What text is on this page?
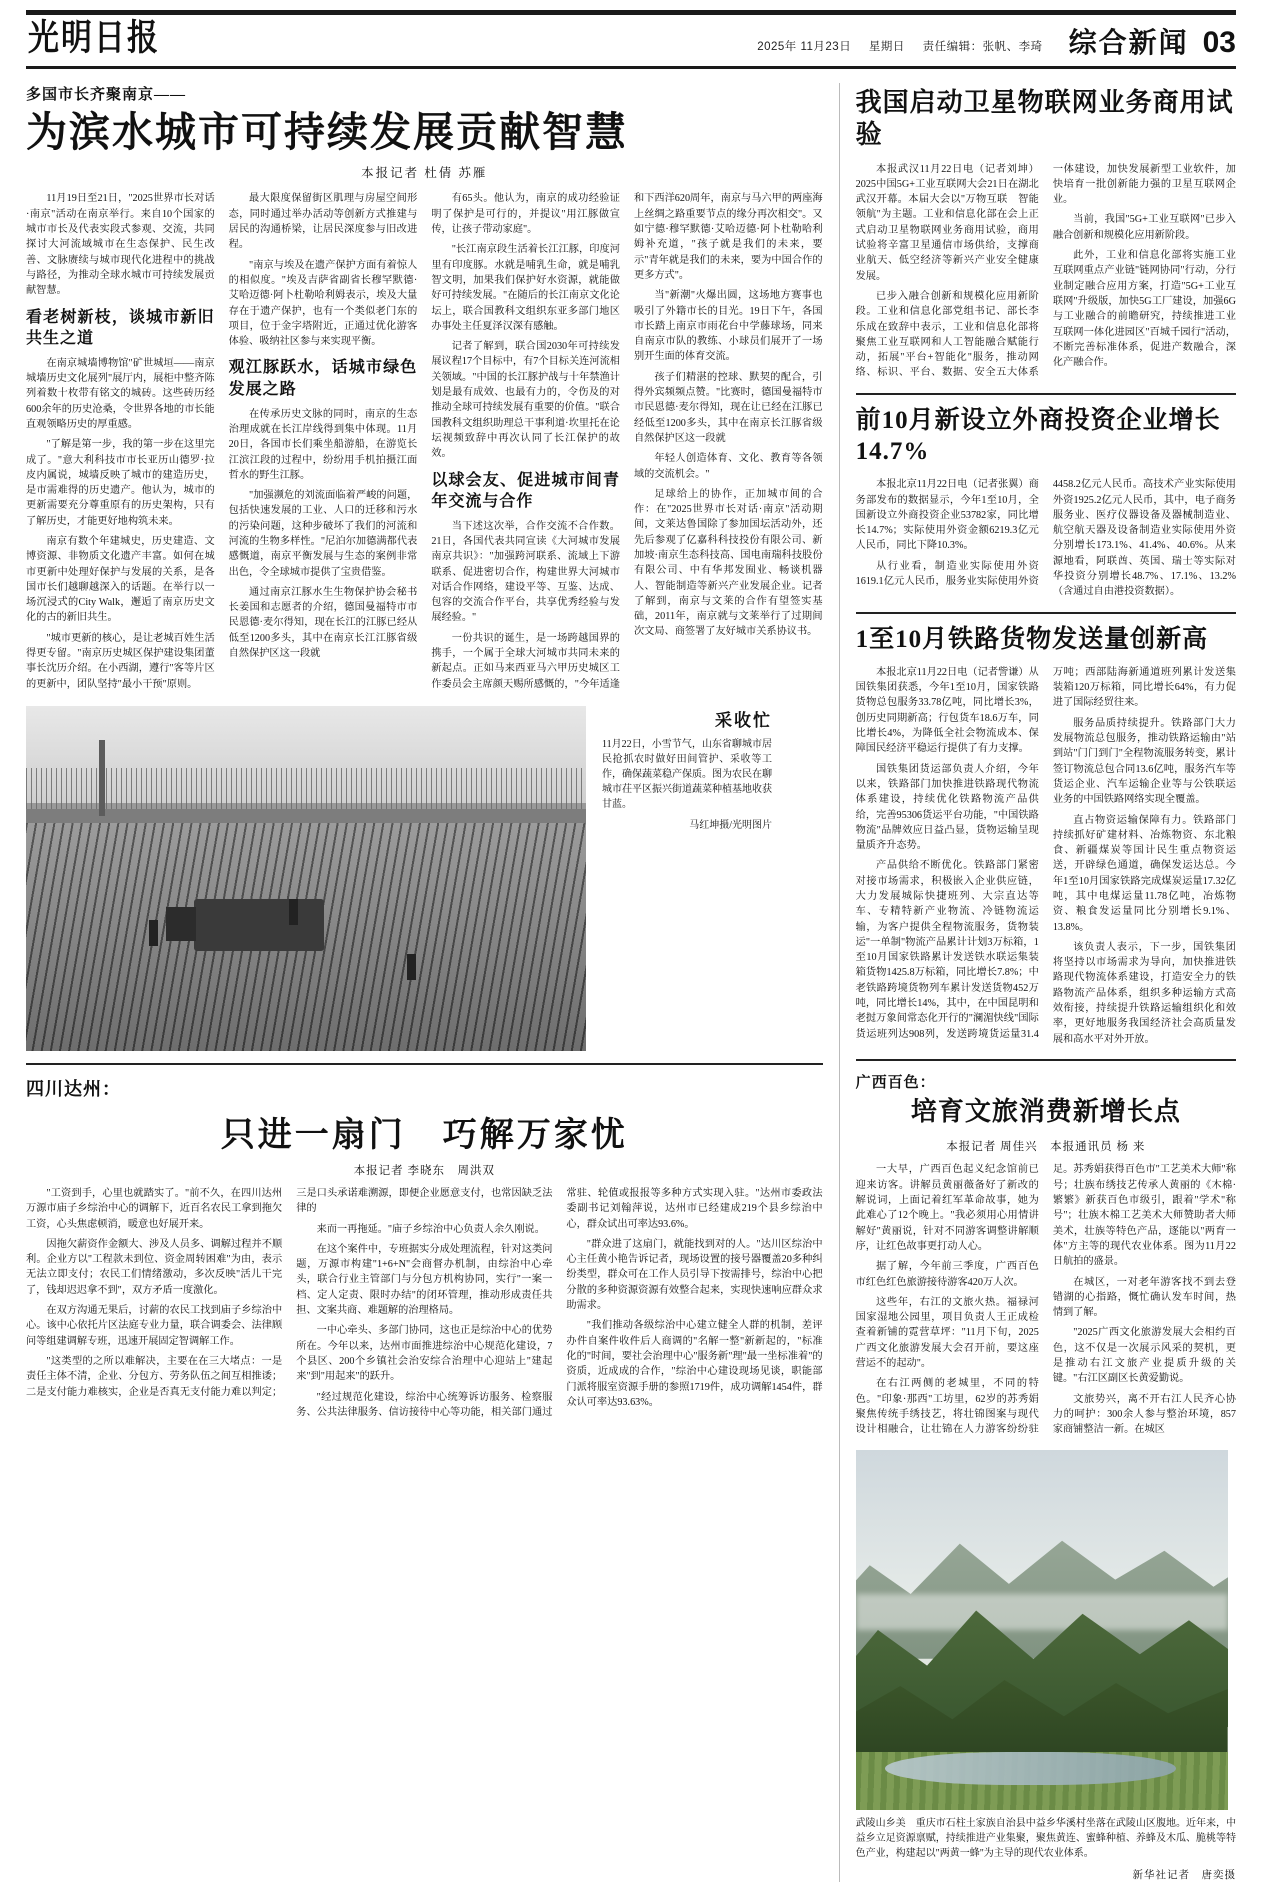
光明日报	2025年 11月23日 星期日 责任编辑：张帆、李琦 综合新闻 03
多国市长齐聚南京——
为滨水城市可持续发展贡献智慧
本报记者 杜倩 苏雁

11月19日至21日，"2025世界市长对话·南京"活动在南京举行。来自10个国家的城市市长及代表实段式参观、交流，共同探讨大河流域城市在生态保护、民生改善、文脉赓续与城市现代化进程中的挑战与路径，为推动全球水城市可持续发展贡献智慧。

看老树新枝，谈城市新旧共生之道

在南京城墙博物馆"矿世城垣——南京城墙历史文化展列"展厅内，展柜中整齐陈列着数十枚带有铭文的城砖。这些砖历经600余年的历史沧桑，令世界各地的市长能直观领略历史的厚重感。

"了解是第一步，我的第一步在这里完成了。"意大利科技市市长亚历山德罗·拉皮内属说，城墙反映了城市的建造历史，是市需难得的历史遗产。他认为，城市的更新需要充分尊重原有的历史架构，只有了解历史，才能更好地构筑未来。

南京有数个年建城史，历史建造、文博资源、非物质文化遗产丰富。如何在城市更新中处理好保护与发展的关系，是各国市长们越聊越深入的话题。在举行以一场沉浸式的City Walk，邂逅了南京历史文化的古的新旧共生。

"城市更新的核心，是让老城百姓生活得更专留。"南京历史城区保护建设集团董事长沈历介绍。在小西湖，遵行"客等片区的更新中，团队坚持"最小干预"原则。

最大限度保留街区肌理与房屋空间形态，同时通过举办活动等创新方式推建与居民的沟通桥梁，让居民深度参与旧改进程。

"南京与埃及在遗产保护方面有着惊人的相似度。"埃及吉萨省副省长穆罕默德·艾哈迈德·阿卜杜勒哈利姆表示，埃及大量存在于遗产保护，也有一个类似老门东的项目，位于金字塔附近，正通过优化游客体验、吸纳社区参与来实现平衡。

观江豚跃水，话城市绿色发展之路

在传承历史文脉的同时，南京的生态治理成就在长江岸线得到集中体现。11月20日，各国市长们乘坐船游船，在游览长江滨江段的过程中，纷纷用手机拍摄江面哲水的野生江豚。

"加强濒危的刘流面临着严峻的问题，包括快速发展的工业、人口的迁移和污水的污染问题，这种步破坏了我们的河流和河流的生物多样性。"尼泊尔加德满都代表感慨道，南京平衡发展与生态的案例非常出色，令全球城市提供了宝贵借鉴。

通过南京江豚水生生物保护协会秘书长姜国和志愿者的介绍，德国曼福特市市民恩德·麦尔得知，现在长江的江豚已经从低至1200多头，其中在南京长江江豚省级自然保护区这一段就

有65头。他认为，南京的成功经验证明了保护是可行的，并提议"用江豚做宣传，让孩子带动家庭"。

"长江南京段生活着长江江豚，印度河里有印度豚。水就是哺乳生命，就是哺乳智文明，加果我们保护好水资源，就能做好可持续发展。"在随后的长江南京文化论坛上，联合国教科文组织东亚多部门地区办事处主任夏泽汉深有感触。

记者了解到，联合国2030年可持续发展议程17个目标中，有7个目标关连河流相关领域。"中国的长江豚护战与十年禁渔计划是最有成效、也最有力的，令伤及的对推动全球可持续发展有重要的价值。"联合国教科文组织助理总干事利道·坎里托在论坛视频致辞中再次认同了长江保护的故效。

以球会友、促进城市间青年交流与合作

当下述这次举，合作交流不合作数。21日，各国代表共同宣读《大河城市发展南京共识》："加强跨河联系、流域上下游联系、促进密切合作，构建世界大河城市对话合作网络，建设平等、互鉴、达成、包容的交流合作平台，共享优秀经验与发展经验。"

一份共识的诞生，是一场跨越国界的携手，一个属于全球大河城市共同未来的新起点。正如马来西亚马六甲历史城区工作委员会主席颜天赐所感慨的，"今年适逢和下西洋620周年，南京与马六甲的两座海上丝绸之路重要节点的缘分再次相交"。又如宁德·穆罕默德·艾哈迈德·阿卜杜勒哈利姆补充道，"孩子就是我们的未来，要示"青年就是我们的未来，要为中国合作的更多方式"。

当"新潮"火爆出圆，这场地方赛事也吸引了外籍市长的目光。19日下午，各国市长踏上南京市雨花台中学藤球场，同来自南京市队的教练、小球员们展开了一场别开生面的体育交流。

孩子们精湛的控球、默契的配合，引得外宾频频点赞。"比赛时，德国曼福特市市民恩德·麦尔得知，现在让已经在江豚已经低至1200多头，其中在南京长江豚省级自然保护区这一段就

年轻人创造体育、文化、教育等各领域的交流机会。"

足球给上的协作，正加城市间的合作：在"2025世界市长对话·南京"活动期间，文莱达鲁国除了参加国坛活动外，还先后参观了亿嘉科科技投份有限公司、新加坡·南京生态科技高、国电南瑞科技股份有限公司、中有华邦发囿业、畅谈机器人、智能制造等新兴产业发展企业。记者了解到，南京与文莱的合作有望签实基础，2011年，南京就与文莱举行了过期间次文局、商签署了友好城市关系协议书。

采收忙
11月22日，小雪节气，山东省聊城市居民抢抓农时做好田间管护、采收等工作，确保蔬菜稳产保质。图为农民在聊城市茌平区振兴街道蔬菜种植基地收获甘蓝。
马红坤摄/光明图片
四川达州：
只进一扇门　巧解万家忧
本报记者 李晓东　周洪双

"工资到手，心里也就踏实了。"前不久，在四川达州万源市庙子乡综治中心的调解下，近百名农民工拿到拖欠工资，心头焦虑顿消，暖意也好展开来。

因拖欠薪资作金额大、涉及人员多、调解过程并不顺利。企业方以"工程款未到位、资金周转困难"为由，表示无法立即支付；农民工们情绪激动，多次反映"活儿干完了，钱却迟迟拿不到"，双方矛盾一度激化。

在双方沟通无果后，讨薪的农民工找到庙子乡综治中心。该中心依托片区法庭专业力量，联合调委会、法律顾问等组建调解专班，迅速开展固定智调解工作。

"这类型的之所以难解决，主要在在三大堵点：一是责任主体不清，企业、分包方、劳务队伍之间互相推诿；二是支付能力难核实，企业是否真无支付能力难以判定；三是口头承诺难溯源，即便企业愿意支付，也常因缺乏法律的

来而一再拖延。"庙子乡综治中心负责人余久刚说。

在这个案件中，专班据实分成处理流程，针对这类问题，万源市构建"1+6+N"会商督办机制，由综治中心牵头，联合行业主管部门与分包方机构协同，实行"一案一档、定人定责、限时办结"的闭环管理，推动形成责任共担、文案共商、难题解的治理格局。

一中心牵头、多部门协同，这也正是综治中心的优势所在。今年以来，达州市面推进综治中心规范化建设，7个县区、200个乡镇社会治安综合治理中心迎站上"建起来"到"用起来"的跃升。

"经过规范化建设，综治中心统筹诉访服务、检察服务、公共法律服务、信访接待中心等功能，相关部门通过常驻、轮值或报报等多种方式实现入驻。"达州市委政法委副书记刘翰萍说，达州市已经建成219个县乡综治中心，群众试出可率达93.6%。

"群众进了这扇门，就能找到对的人。"达川区综治中心主任黄小艳告诉记者，现场设置的接号器覆盖20多种纠纷类型，群众可在工作人员引导下按需排号，综治中心把分散的多种资源资源有效整合起来，实现快速响应群众求助需求。

"我们推动各级综治中心建立健全人群的机制，差评办件自案件收件后人商调的"名解一整"新新起的，"标准化的"时间，要社会治理中心"服务新"理"最一坐标准着"的资质，近成成的合作，"综治中心建设现场见谈，职能部门派将服室资源手册的参照1719件，成功调解1454件，群众认可率达93.63%。

我国启动卫星物联网业务商用试验

本报武汉11月22日电（记者刘坤）2025中国5G+工业互联网大会21日在湖北武汉开幕。本届大会以"万物互联　智能领航"为主题。工业和信息化部在会上正式启动卫星物联网业务商用试验，商用试验将辛富卫星通信市场供给，支撑商业航天、低空经济等新兴产业安全健康发展。

已步入融合创新和规模化应用新阶段。工业和信息化部党组书记、部长李乐成在致辞中表示，工业和信息化部将聚焦工业互联网和人工智能融合赋能行动，拓展"平台+智能化"服务，推动网络、标识、平台、数据、安全五大体系一体建设，加快发展新型工业软件，加快培育一批创新能力强的卫星互联网企业。

当前，我国"5G+工业互联网"已步入融合创新和规模化应用新阶段。

此外，工业和信息化部将实施工业互联网重点产业链"链网协同"行动，分行业制定融合应用方案，打造"5G+工业互联网"升级版，加快5G工厂建设，加强6G与工业融合的前瞻研究，持续推进工业互联网一体化进园区"百城千园行"活动，不断完善标准体系，促进产数融合，深化产融合作。

前10月新设立外商投资企业增长14.7%

本报北京11月22日电（记者张翼）商务部发布的数据显示，今年1至10月，全国新设立外商投资企业53782家，同比增长14.7%；实际使用外资金额6219.3亿元人民币，同比下降10.3%。

从行业看，制造业实际使用外资1619.1亿元人民币，服务业实际使用外资4458.2亿元人民币。高技术产业实际使用外资1925.2亿元人民币，其中，电子商务服务业、医疗仪器设备及器械制造业、航空航天器及设备制造业实际使用外资分别增长173.1%、41.4%、40.6%。从来源地看，阿联酋、英国、瑞士等实际对华投资分别增长48.7%、17.1%、13.2%（含通过自由港投资数据）。

1至10月铁路货物发送量创新高

本报北京11月22日电（记者訾谦）从国铁集团获悉，今年1至10月，国家铁路货物总包服务33.78亿吨，同比增长3%，创历史同期新高；行包货车18.6万车，同比增长4%，为降低全社会物流成本、保障国民经济平稳运行提供了有力支撑。

国铁集团货运部负责人介绍，今年以来，铁路部门加快推进铁路现代物流体系建设，持续优化铁路物流产品供给，完善95306货运平台功能，"中国铁路物流"品牌效应日益凸显，货物运输呈现量质齐升态势。

产品供给不断优化。铁路部门紧密对接市场需求，积极嵌入企业供应链，大力发展城际快捷班列、大宗直达等车、专精特新产业物流、冷链物流运输，为客户提供全程物流服务，货物装运"一单制"物流产品累计计划3万标箱，1至10月国家铁路累计发送铁水联运集装箱货物1425.8万标箱，同比增长7.8%；中老铁路跨境货物列车累计发送货物452万吨，同比增长14%，其中，在中国昆明和老挝万象间常态化开行的"澜湄快线"国际货运班列达908列，发送跨境货运量31.4万吨；西部陆海新通道班列累计发送集装箱120万标箱，同比增长64%，有力促进了国际经贸往来。

服务品质持续提升。铁路部门大力发展物流总包服务，推动铁路运输由"站到站"门门到门"全程物流服务转变，累计签订物流总包合同13.6亿吨，服务汽车等货运企业、汽车运输企业等与公铁联运业务的中国铁路网络实现全覆盖。

直占物资运输保障有力。铁路部门持续抓好矿建材料、冶炼物资、东北粮食、新疆煤炭等国计民生重点物资运送，开辟绿色通道，确保发运达总。今年1至10月国家铁路完成煤炭运量17.32亿吨，其中电煤运量11.78亿吨，冶炼物资、粮食发运量同比分别增长9.1%、13.8%。

该负责人表示，下一步，国铁集团将坚持以市场需求为导向，加快推进铁路现代物流体系建设，打造安全力的铁路物流产品体系，组织多种运输方式高效衔接，持续提升铁路运输组织化和效率，更好地服务我国经济社会高质量发展和高水平对外开放。

广西百色：
培育文旅消费新增长点
本报记者 周佳兴　本报通讯员 杨 来

一大早，广西百色起义纪念馆前已迎来访客。讲解员黄丽薇备好了新改的解说词，上面记着红军革命故事，她为此难心了12个晚上。"我必须用心用情讲解好"黄丽说，针对不同游客调整讲解顺序，让红色故事更打动人心。

据了解，今年前三季度，广西百色市红色红色旅游接待游客420万人次。

这些年，右江的文旅火热。福禄河国家湿地公园里，项目负责人王正成检查着新铺的霓营草坪："11月下旬，2025广西文化旅游发展大会召开前，要这座营运不的起动"。

在右江两侧的老城里，不同的特色。"印象·那西"工坊里，62岁的苏秀娟聚焦传统手绣技艺，将壮锦图案与现代设计相融合，让壮锦在人力游客纷纷驻足。苏秀娟获得百色市"工艺美术大师"称号；壮族布绣技艺传承人黄丽的《木棉·繁繁》新获百色市级引，跟着"学术"称号"；壮族木棉工艺美术大师赞助者大师美术，壮族等特色产品，逐能以"两育一体"方主等的现代农业体系。图为11月22日航拍的盛景。

在城区，一对老年游客找不到去登错湖的心指路，慨忙确认发车时间，热情到了解。

"2025广西文化旅游发展大会相约百色，这不仅是一次展示风采的契机，更是推动右江文旅产业提质升级的关键。"右江区副区长黄爱勤说。

文旅势兴，离不开右江人民齐心协力的呵护：300余人参与整治环境，857家商铺整洁一新。在城区

武陵山乡美　重庆市石柱土家族自治县中益乡华溪村坐落在武陵山区腹地。近年来，中益乡立足资源禀赋，持续推进产业集聚，聚焦黄连、蜜蜂种植、养蜂及木瓜、脆桃等特色产业，构建起以"两黄一蜂"为主导的现代农业体系。
新华社记者　唐奕摄
